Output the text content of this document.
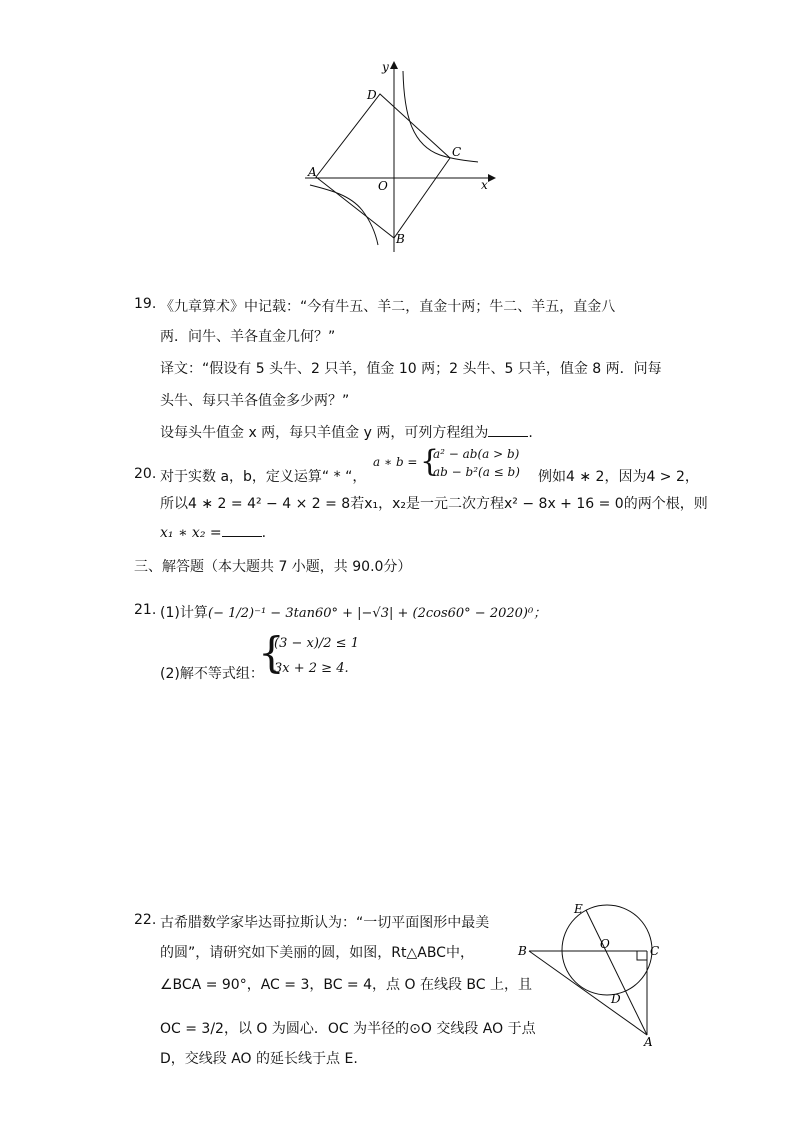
y
x
O
A
B
C
D
19. 《九章算术》中记载：“今有牛五、羊二，直金十两；牛二、羊五，直金八
两．问牛、羊各直金几何？”
译文：“假设有 5 头牛、2 只羊，值金 10 两；2 头牛、5 只羊，值金 8 两．问每
头牛、每只羊各值金多少两？”
设每头牛值金 x 两，每只羊值金 y 两，可列方程组为	.
20. 对于实数 a，b，定义运算“ * “，
a ∗ b = {
a² − ab(a > b)
ab − b²(a ≤ b) 例如4 ∗ 2，因为4 > 2，
所以4 ∗ 2 = 4² − 4 × 2 = 8若x₁，x₂是一元二次方程x² − 8x + 16 = 0的两个根，则
x₁ ∗ x₂ =	.
三、解答题（本大题共 7 小题，共 90.0分）
21. (1)计算 (− 1/2)⁻¹ − 3tan60° + |−√3| + (2cos60° − 2020)⁰；
(2)解不等式组：
{
(3 − x)/2 ≤ 1
3x + 2 ≥ 4.
22. 古希腊数学家毕达哥拉斯认为：“一切平面图形中最美
的圆”，请研究如下美丽的圆，如图，Rt△ABC中，
∠BCA = 90°，AC = 3，BC = 4，点 O 在线段 BC 上，且
OC = 3/2，以 O 为圆心．OC 为半径的⊙O 交线段 AO 于点
D，交线段 AO 的延长线于点 E.
E
O
B	C
D
A
